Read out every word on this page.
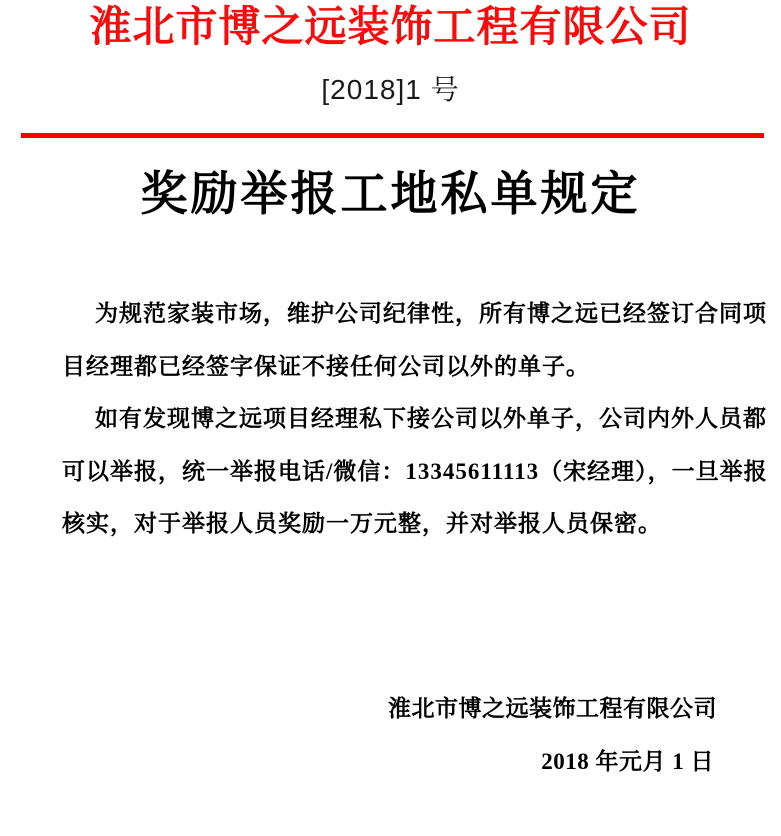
淮北市博之远装饰工程有限公司
[2018]1 号
奖励举报工地私单规定
为规范家装市场，维护公司纪律性，所有博之远已经签订合同项
目经理都已经签字保证不接任何公司以外的单子。
如有发现博之远项目经理私下接公司以外单子，公司内外人员都
可以举报，统一举报电话/微信：13345611113（宋经理），一旦举报
核实，对于举报人员奖励一万元整，并对举报人员保密。
淮北市博之远装饰工程有限公司
2018 年元月 1 日
